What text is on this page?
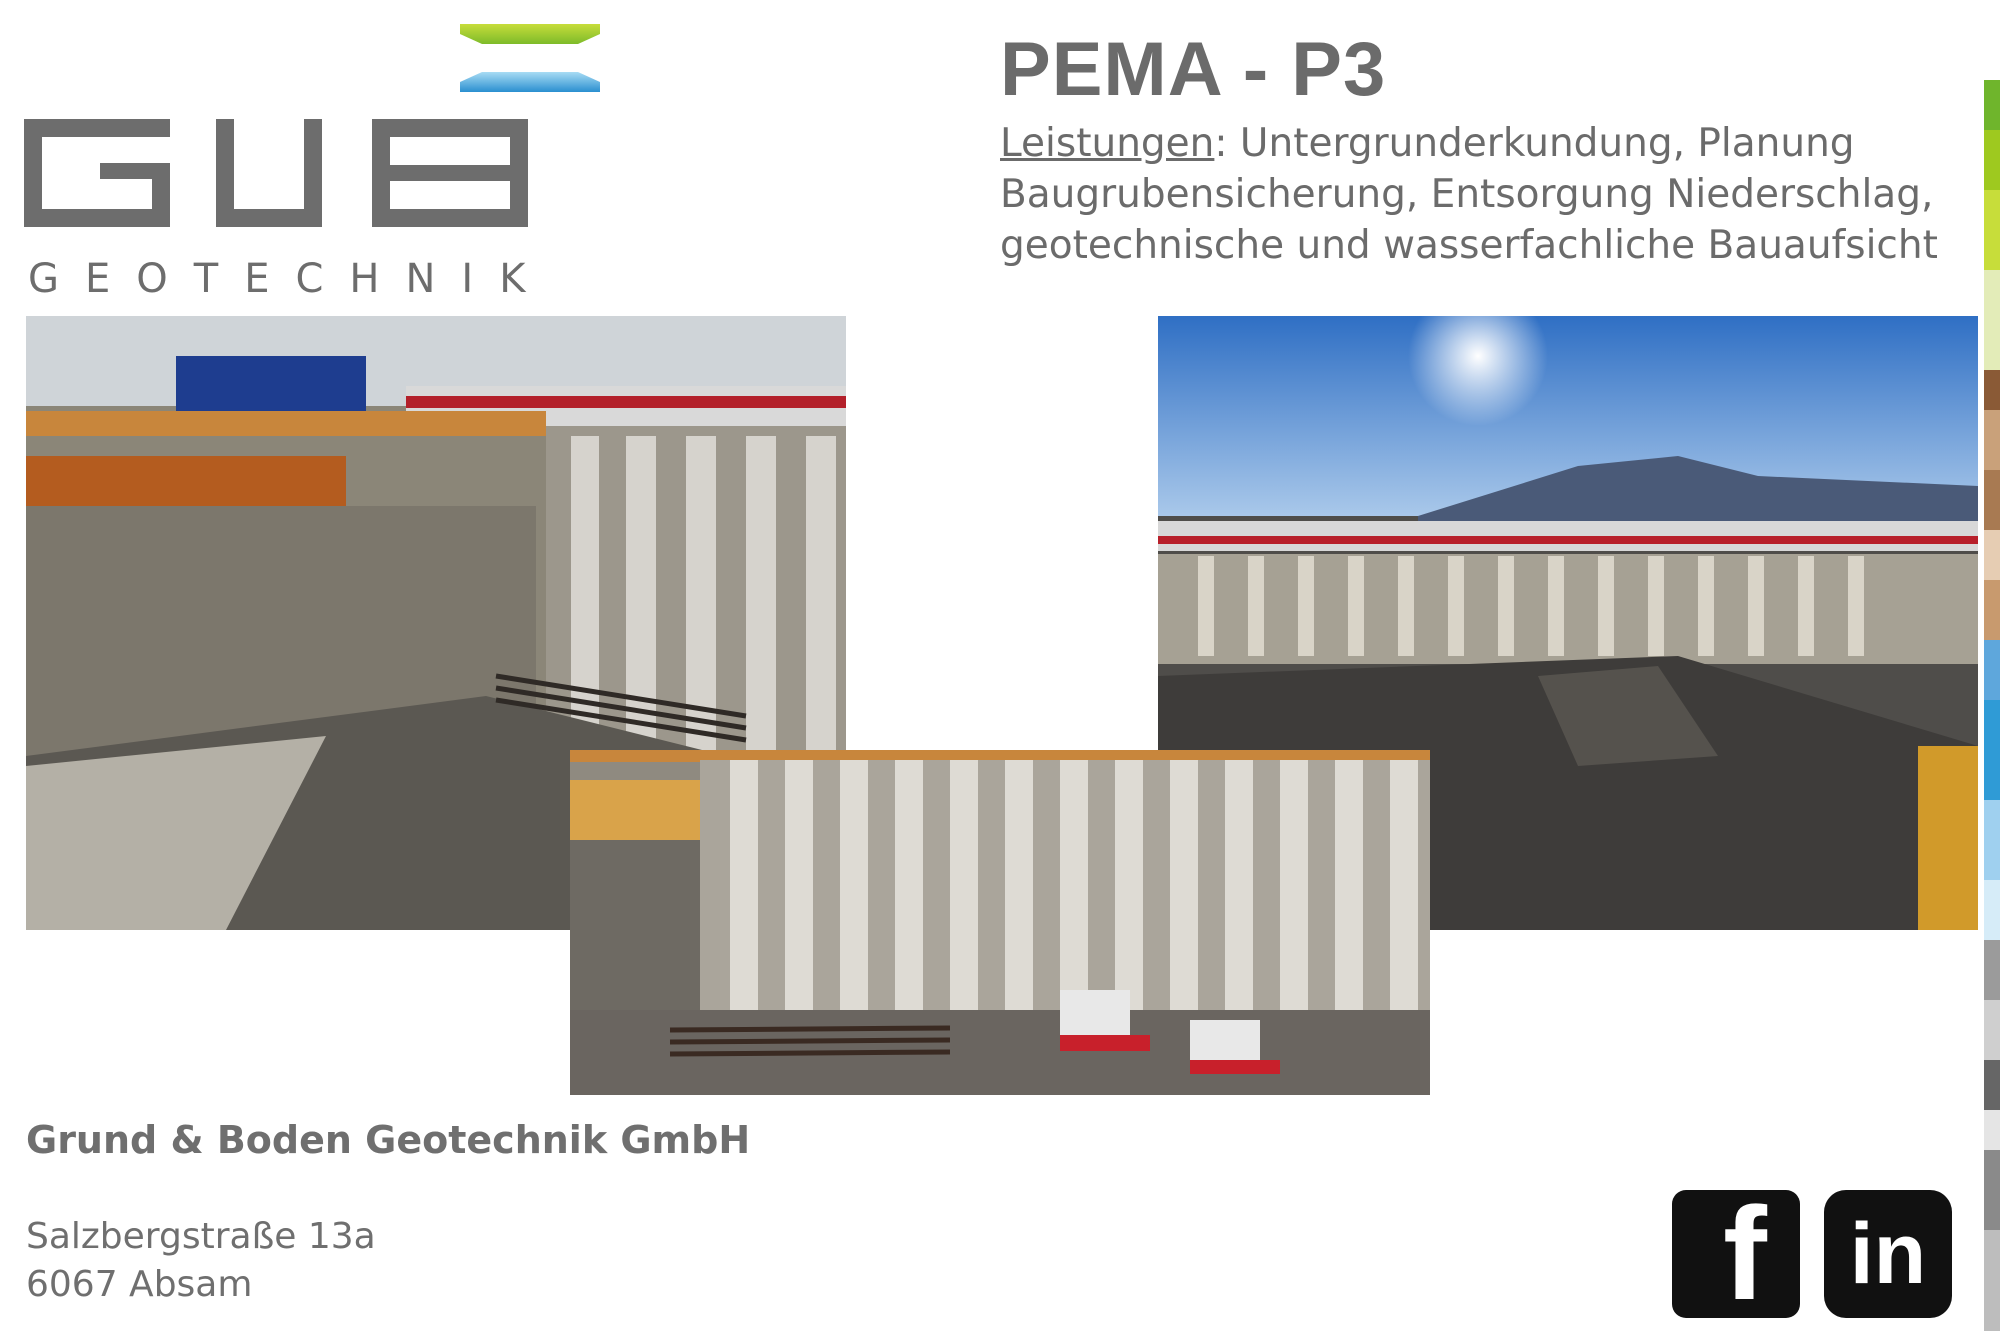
GEOTECHNIK
PEMA - P3
Leistungen: Untergrunderkundung, Planung Baugrubensicherung, Entsorgung Niederschlag, geotechnische und wasserfachliche Bauaufsicht
Grund & Boden Geotechnik GmbH
Salzbergstraße 13a
6067 Absam	f in
